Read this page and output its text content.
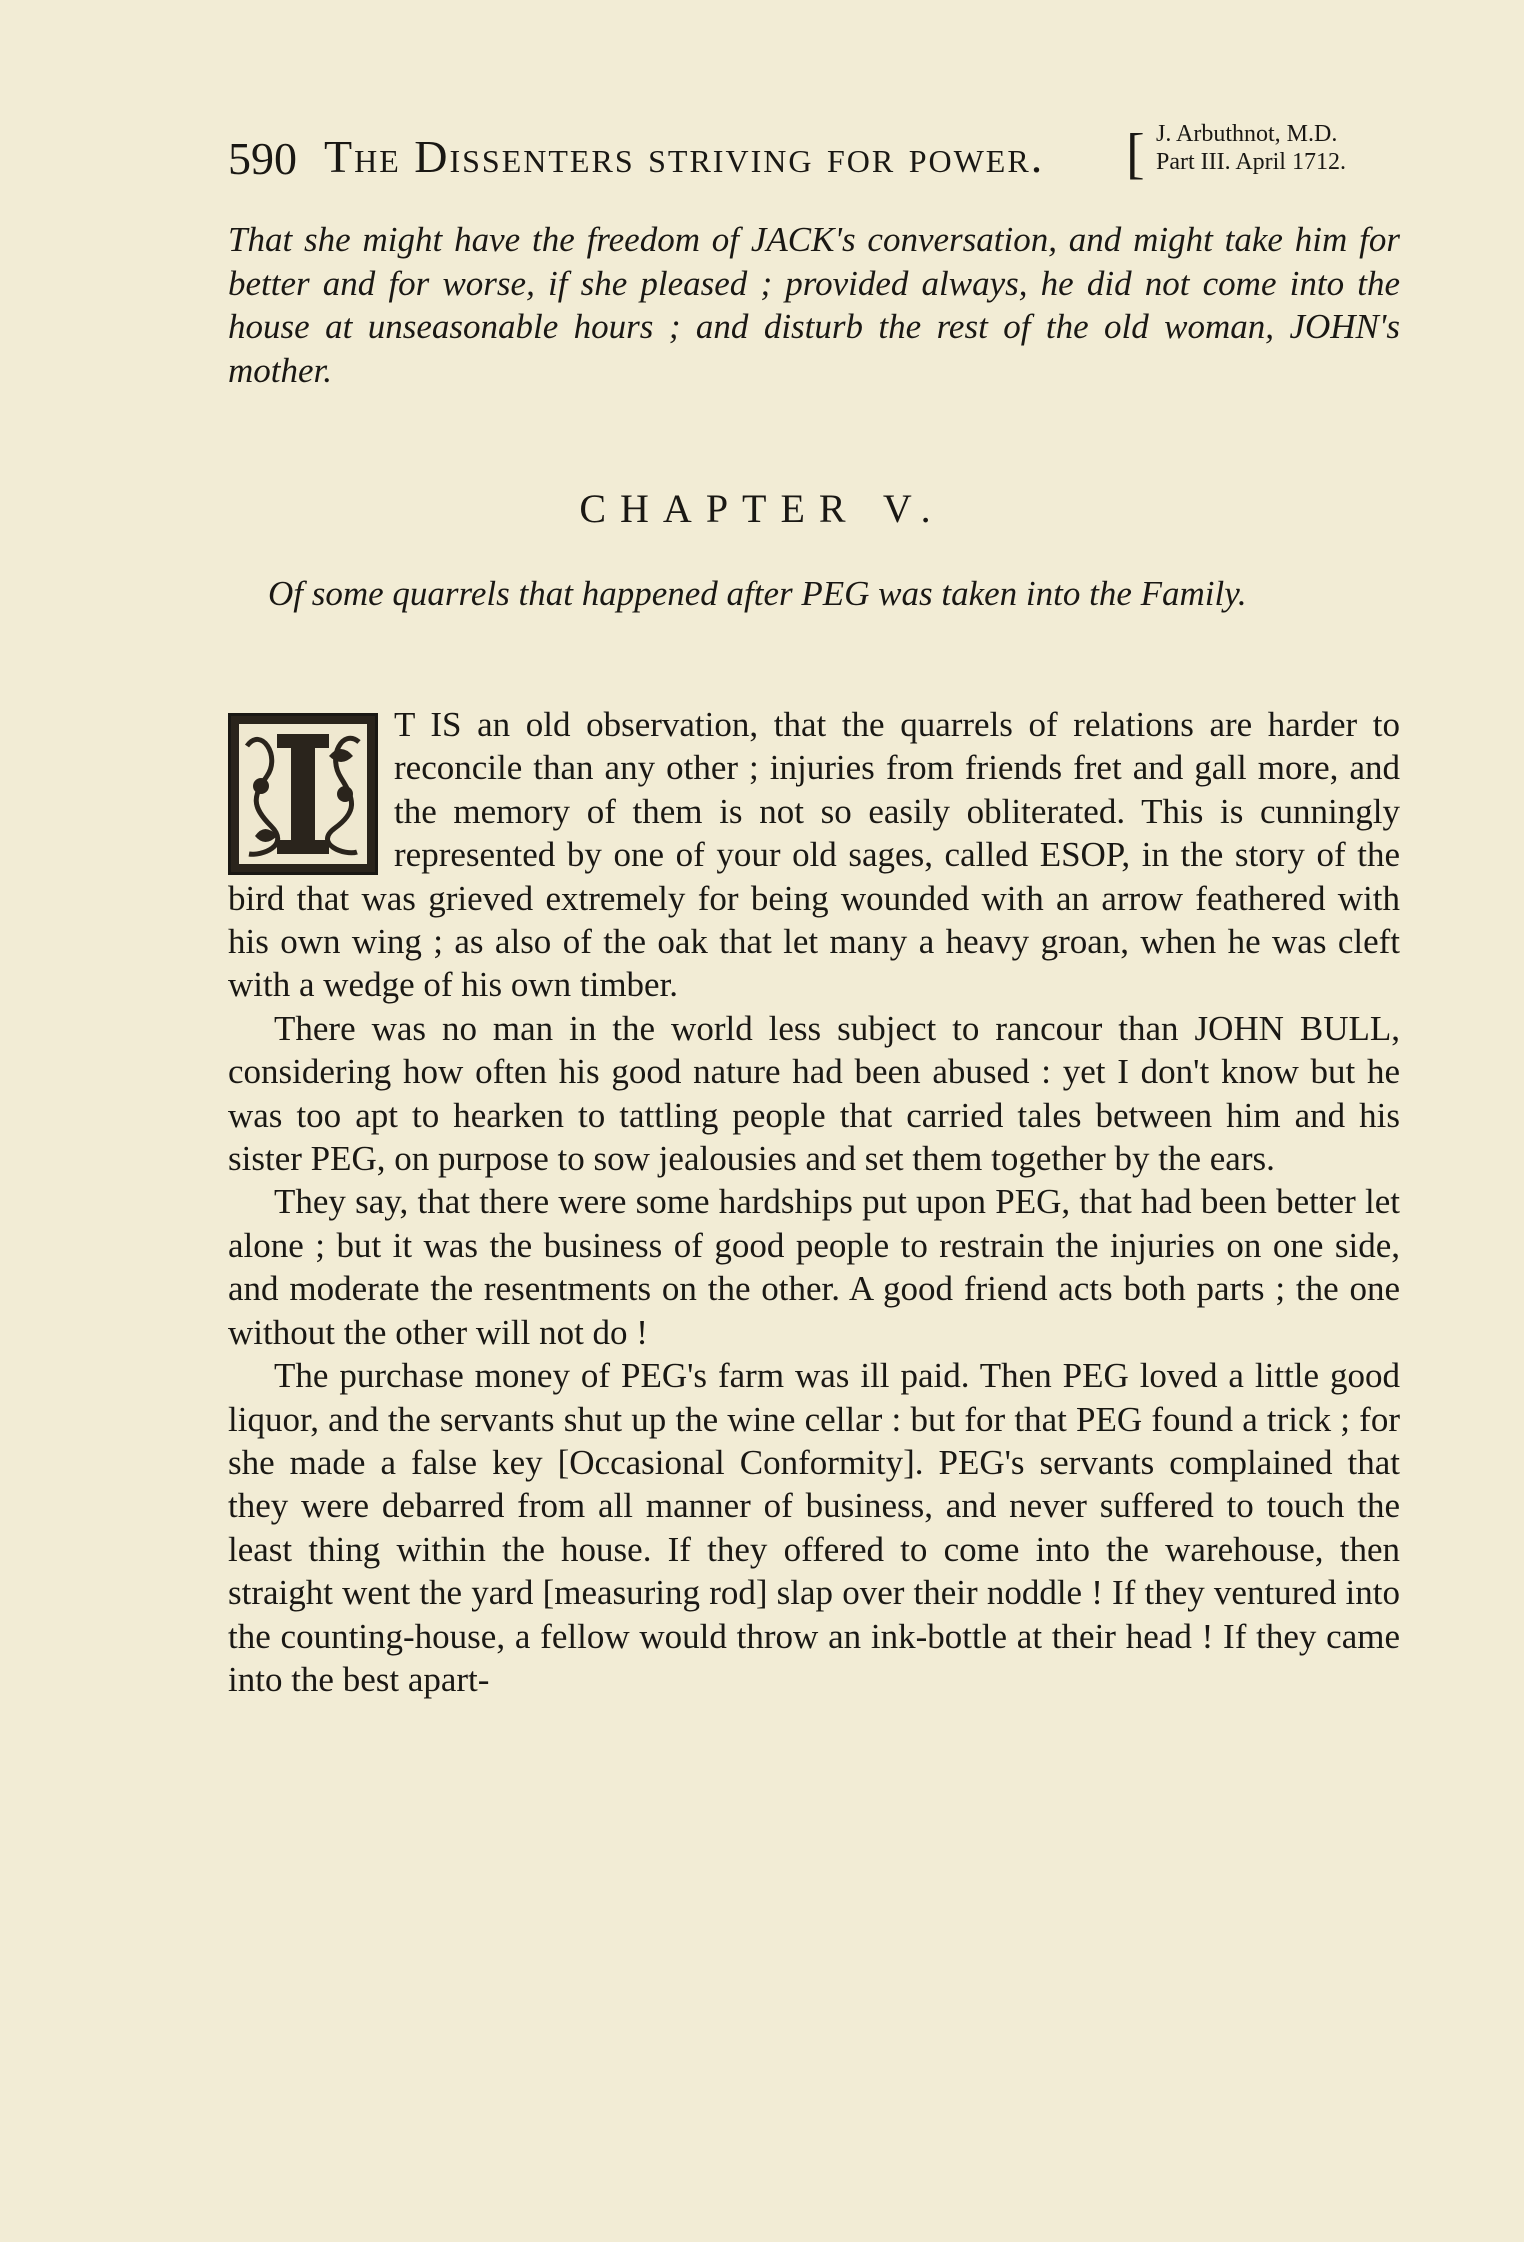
590 The Dissenters striving for power. [ J. Arbuthnot, M.D.
Part III. April 1712.

That she might have the freedom of JACK's conversation, and might take him for better and for worse, if she pleased ; provided always, he did not come into the house at unseasonable hours ; and disturb the rest of the old woman, JOHN's mother.

CHAPTER V.

Of some quarrels that happened after PEG was taken into the Family.

T IS an old observation, that the quarrels of relations are harder to reconcile than any other ; injuries from friends fret and gall more, and the memory of them is not so easily obliterated. This is cunningly represented by one of your old sages, called ESOP, in the story of the bird that was grieved extremely for being wounded with an arrow feathered with his own wing ; as also of the oak that let many a heavy groan, when he was cleft with a wedge of his own timber.

There was no man in the world less subject to rancour than JOHN BULL, considering how often his good nature had been abused : yet I don't know but he was too apt to hearken to tattling people that carried tales between him and his sister PEG, on purpose to sow jealousies and set them together by the ears.

They say, that there were some hardships put upon PEG, that had been better let alone ; but it was the business of good people to restrain the injuries on one side, and moderate the resentments on the other. A good friend acts both parts ; the one without the other will not do !

The purchase money of PEG's farm was ill paid. Then PEG loved a little good liquor, and the servants shut up the wine cellar : but for that PEG found a trick ; for she made a false key [Occasional Conformity]. PEG's servants complained that they were debarred from all manner of business, and never suffered to touch the least thing within the house. If they offered to come into the warehouse, then straight went the yard [measuring rod] slap over their noddle ! If they ventured into the counting-house, a fellow would throw an ink-bottle at their head ! If they came into the best apart-
